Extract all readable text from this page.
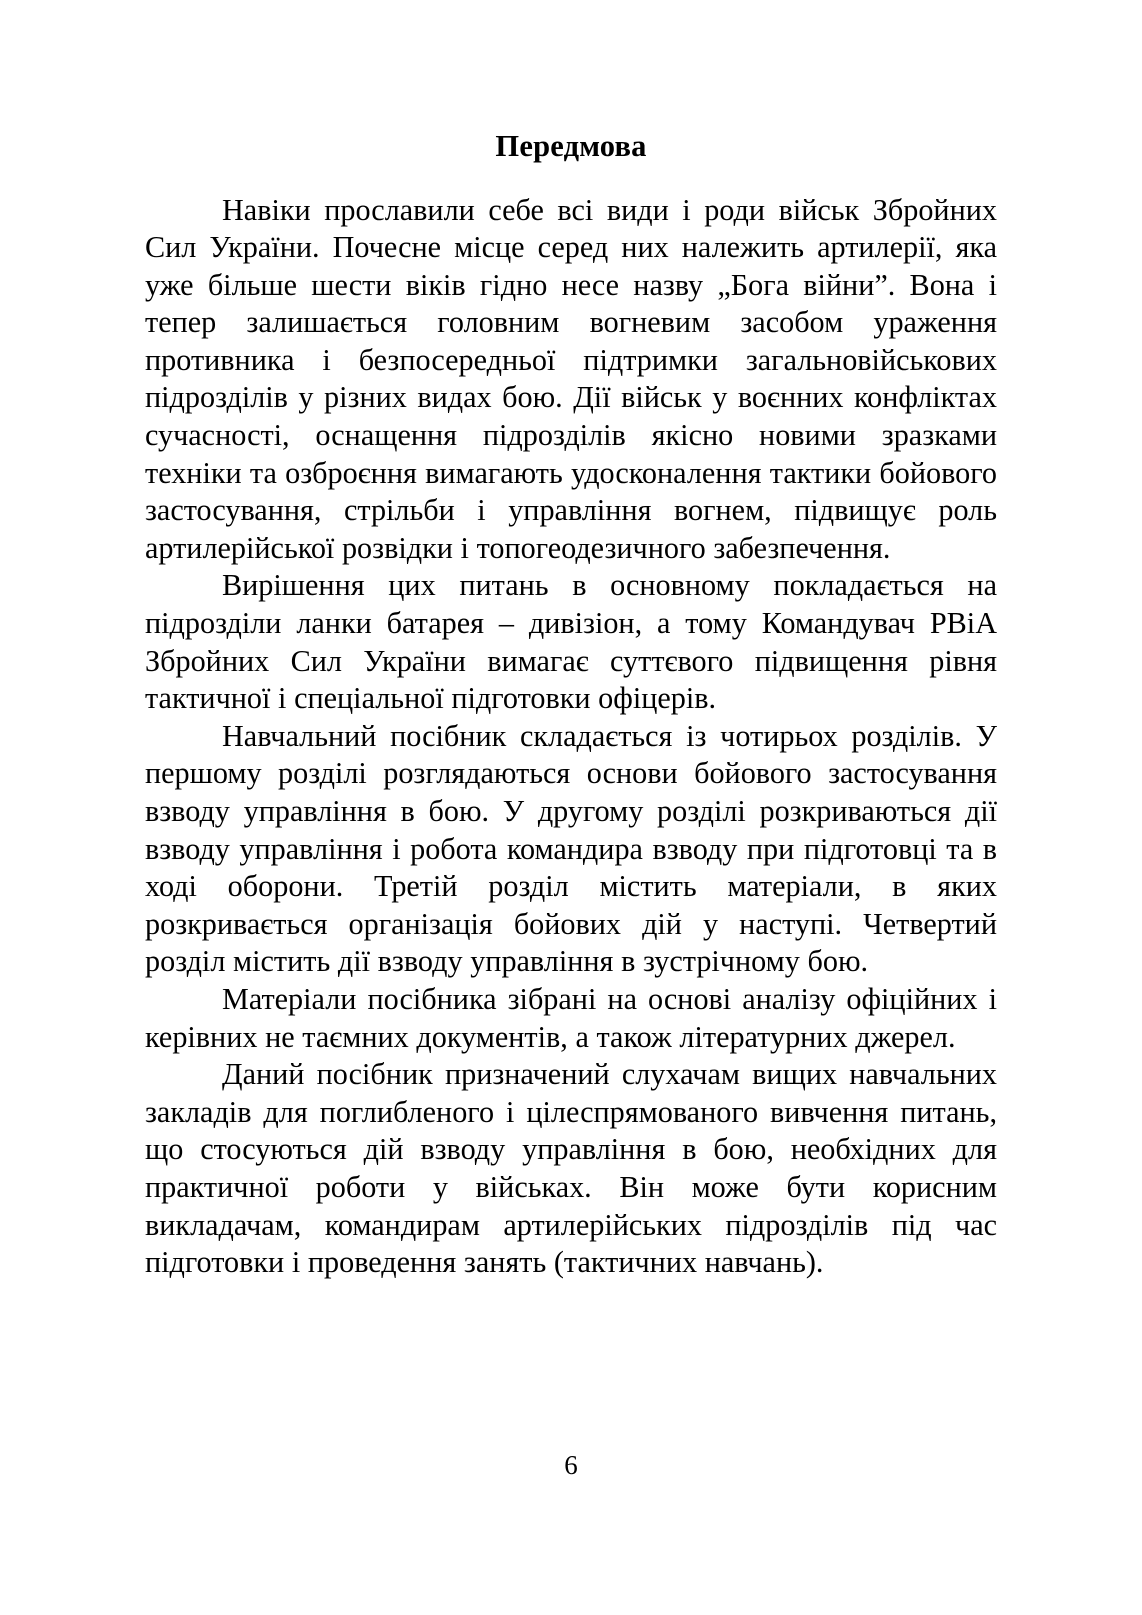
Передмова

Навіки прославили себе всі види і роди військ Збройних Сил України. Почесне місце серед них належить артилерії, яка уже більше шести віків гідно несе назву „Бога війни”. Вона і тепер залишається головним вогневим засобом ураження противника і безпосередньої підтримки загальновійськових підрозділів у різних видах бою. Дії військ у воєнних конфліктах сучасності, оснащення підрозділів якісно новими зразками техніки та озброєння вимагають удосконалення тактики бойового застосування, стрільби і управління вогнем, підвищує роль артилерійської розвідки і топогеодезичного забезпечення.

Вирішення цих питань в основному покладається на підрозділи ланки батарея – дивізіон, а тому Командувач РВіА Збройних Сил України вимагає суттєвого підвищення рівня тактичної і спеціальної підготовки офіцерів.

Навчальний посібник складається із чотирьох розділів. У першому розділі розглядаються основи бойового застосування взводу управління в бою. У другому розділі розкриваються дії взводу управління і робота командира взводу при підготовці та в ході оборони. Третій розділ містить матеріали, в яких розкривається організація бойових дій у наступі. Четвертий розділ містить дії взводу управління в зустрічному бою.

Матеріали посібника зібрані на основі аналізу офіційних і керівних не таємних документів, а також літературних джерел.

Даний посібник призначений слухачам вищих навчальних закладів для поглибленого і цілеспрямованого вивчення питань, що стосуються дій взводу управління в бою, необхідних для практичної роботи у військах. Він може бути корисним викладачам, командирам артилерійських підрозділів під час підготовки і проведення занять (тактичних навчань).

6
